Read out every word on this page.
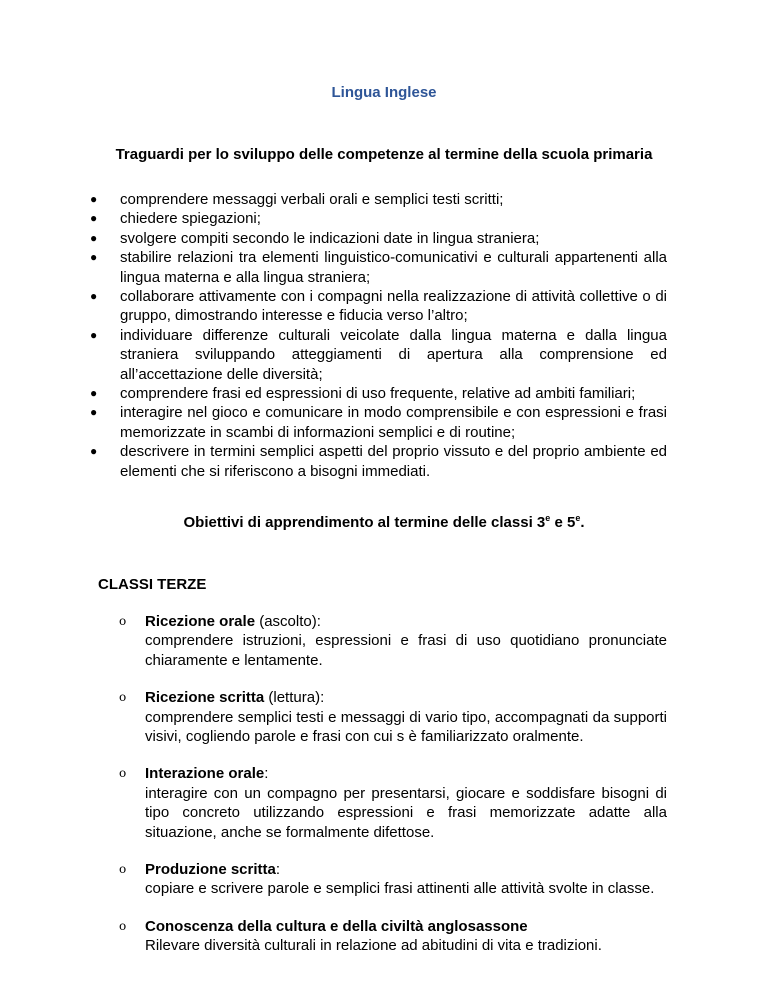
Lingua Inglese

Traguardi per lo sviluppo delle competenze al termine della scuola primaria

● comprendere messaggi verbali orali e semplici testi scritti;
● chiedere spiegazioni;
● svolgere compiti secondo le indicazioni date in lingua straniera;
● stabilire relazioni tra elementi linguistico-comunicativi e culturali appartenenti alla lingua materna e alla lingua straniera;
● collaborare attivamente con i compagni nella realizzazione di attività collettive o di gruppo, dimostrando interesse e fiducia verso l’altro;
● individuare differenze culturali veicolate dalla lingua materna e dalla lingua straniera sviluppando atteggiamenti di apertura alla comprensione ed all’accettazione delle diversità;
● comprendere frasi ed espressioni di uso frequente, relative ad ambiti familiari;
● interagire nel gioco e comunicare in modo comprensibile e con espressioni e frasi memorizzate in scambi di informazioni semplici e di routine;
● descrivere in termini semplici aspetti del proprio vissuto e del proprio ambiente ed elementi che si riferiscono a bisogni immediati.

Obiettivi di apprendimento al termine delle classi 3e e 5e.

CLASSI TERZE

o Ricezione orale (ascolto):
comprendere istruzioni, espressioni e frasi di uso quotidiano pronunciate chiaramente e lentamente.
o Ricezione scritta (lettura):
comprendere semplici testi e messaggi di vario tipo, accompagnati da supporti visivi, cogliendo parole e frasi con cui s è familiarizzato oralmente.
o Interazione orale:
interagire con un compagno per presentarsi, giocare e soddisfare bisogni di tipo concreto utilizzando espressioni e frasi memorizzate adatte alla situazione, anche se formalmente difettose.
o Produzione scritta:
copiare e scrivere parole e semplici frasi attinenti alle attività svolte in classe.
o Conoscenza della cultura e della civiltà anglosassone
Rilevare diversità culturali in relazione ad abitudini di vita e tradizioni.
